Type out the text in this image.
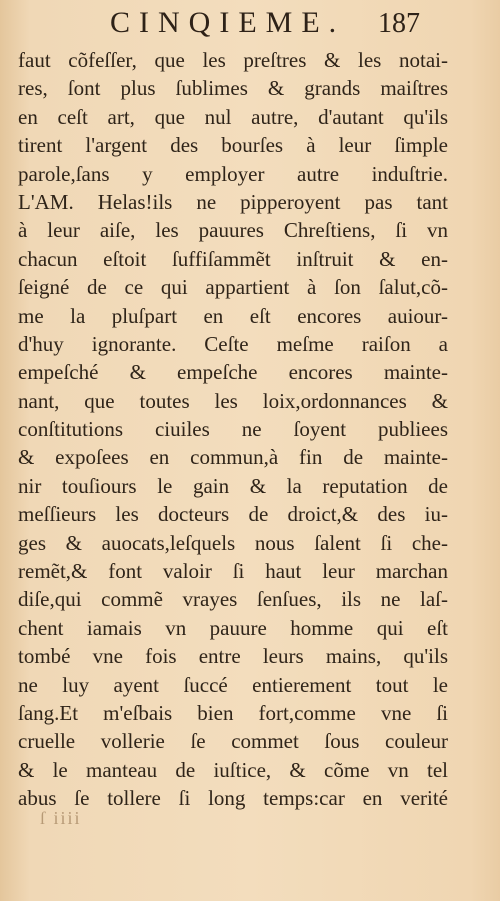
CINQIEME. 187
faut cõfeſſer, que les preſtres & les notai-
res, ſont plus ſublimes & grands maiſtres
en ceſt art, que nul autre, d'autant qu'ils
tirent l'argent des bourſes à leur ſimple
parole,ſans y employer autre induſtrie.
L'AM. Helas!ils ne pipperoyent pas tant
à leur aiſe, les pauures Chreſtiens, ſi vn
chacun eſtoit ſuffiſammẽt inſtruit & en-
ſeigné de ce qui appartient à ſon ſalut,cõ-
me la pluſpart en eſt encores auiour-
d'huy ignorante. Ceſte meſme raiſon a
empeſché & empeſche encores mainte-
nant, que toutes les loix,ordonnances &
conſtitutions ciuiles ne ſoyent publiees
& expoſees en commun,à fin de mainte-
nir touſiours le gain & la reputation de
meſſieurs les docteurs de droict,& des iu-
ges & auocats,leſquels nous ſalent ſi che-
remẽt,& font valoir ſi haut leur marchan
diſe,qui commẽ vrayes ſenſues, ils ne laſ-
chent iamais vn pauure homme qui eſt
tombé vne fois entre leurs mains, qu'ils
ne luy ayent ſuccé entierement tout le
ſang.Et m'eſbais bien fort,comme vne ſi
cruelle vollerie ſe commet ſous couleur
& le manteau de iuſtice, & cõme vn tel
abus ſe tollere ſi long temps:car en verité
ſ iiii
